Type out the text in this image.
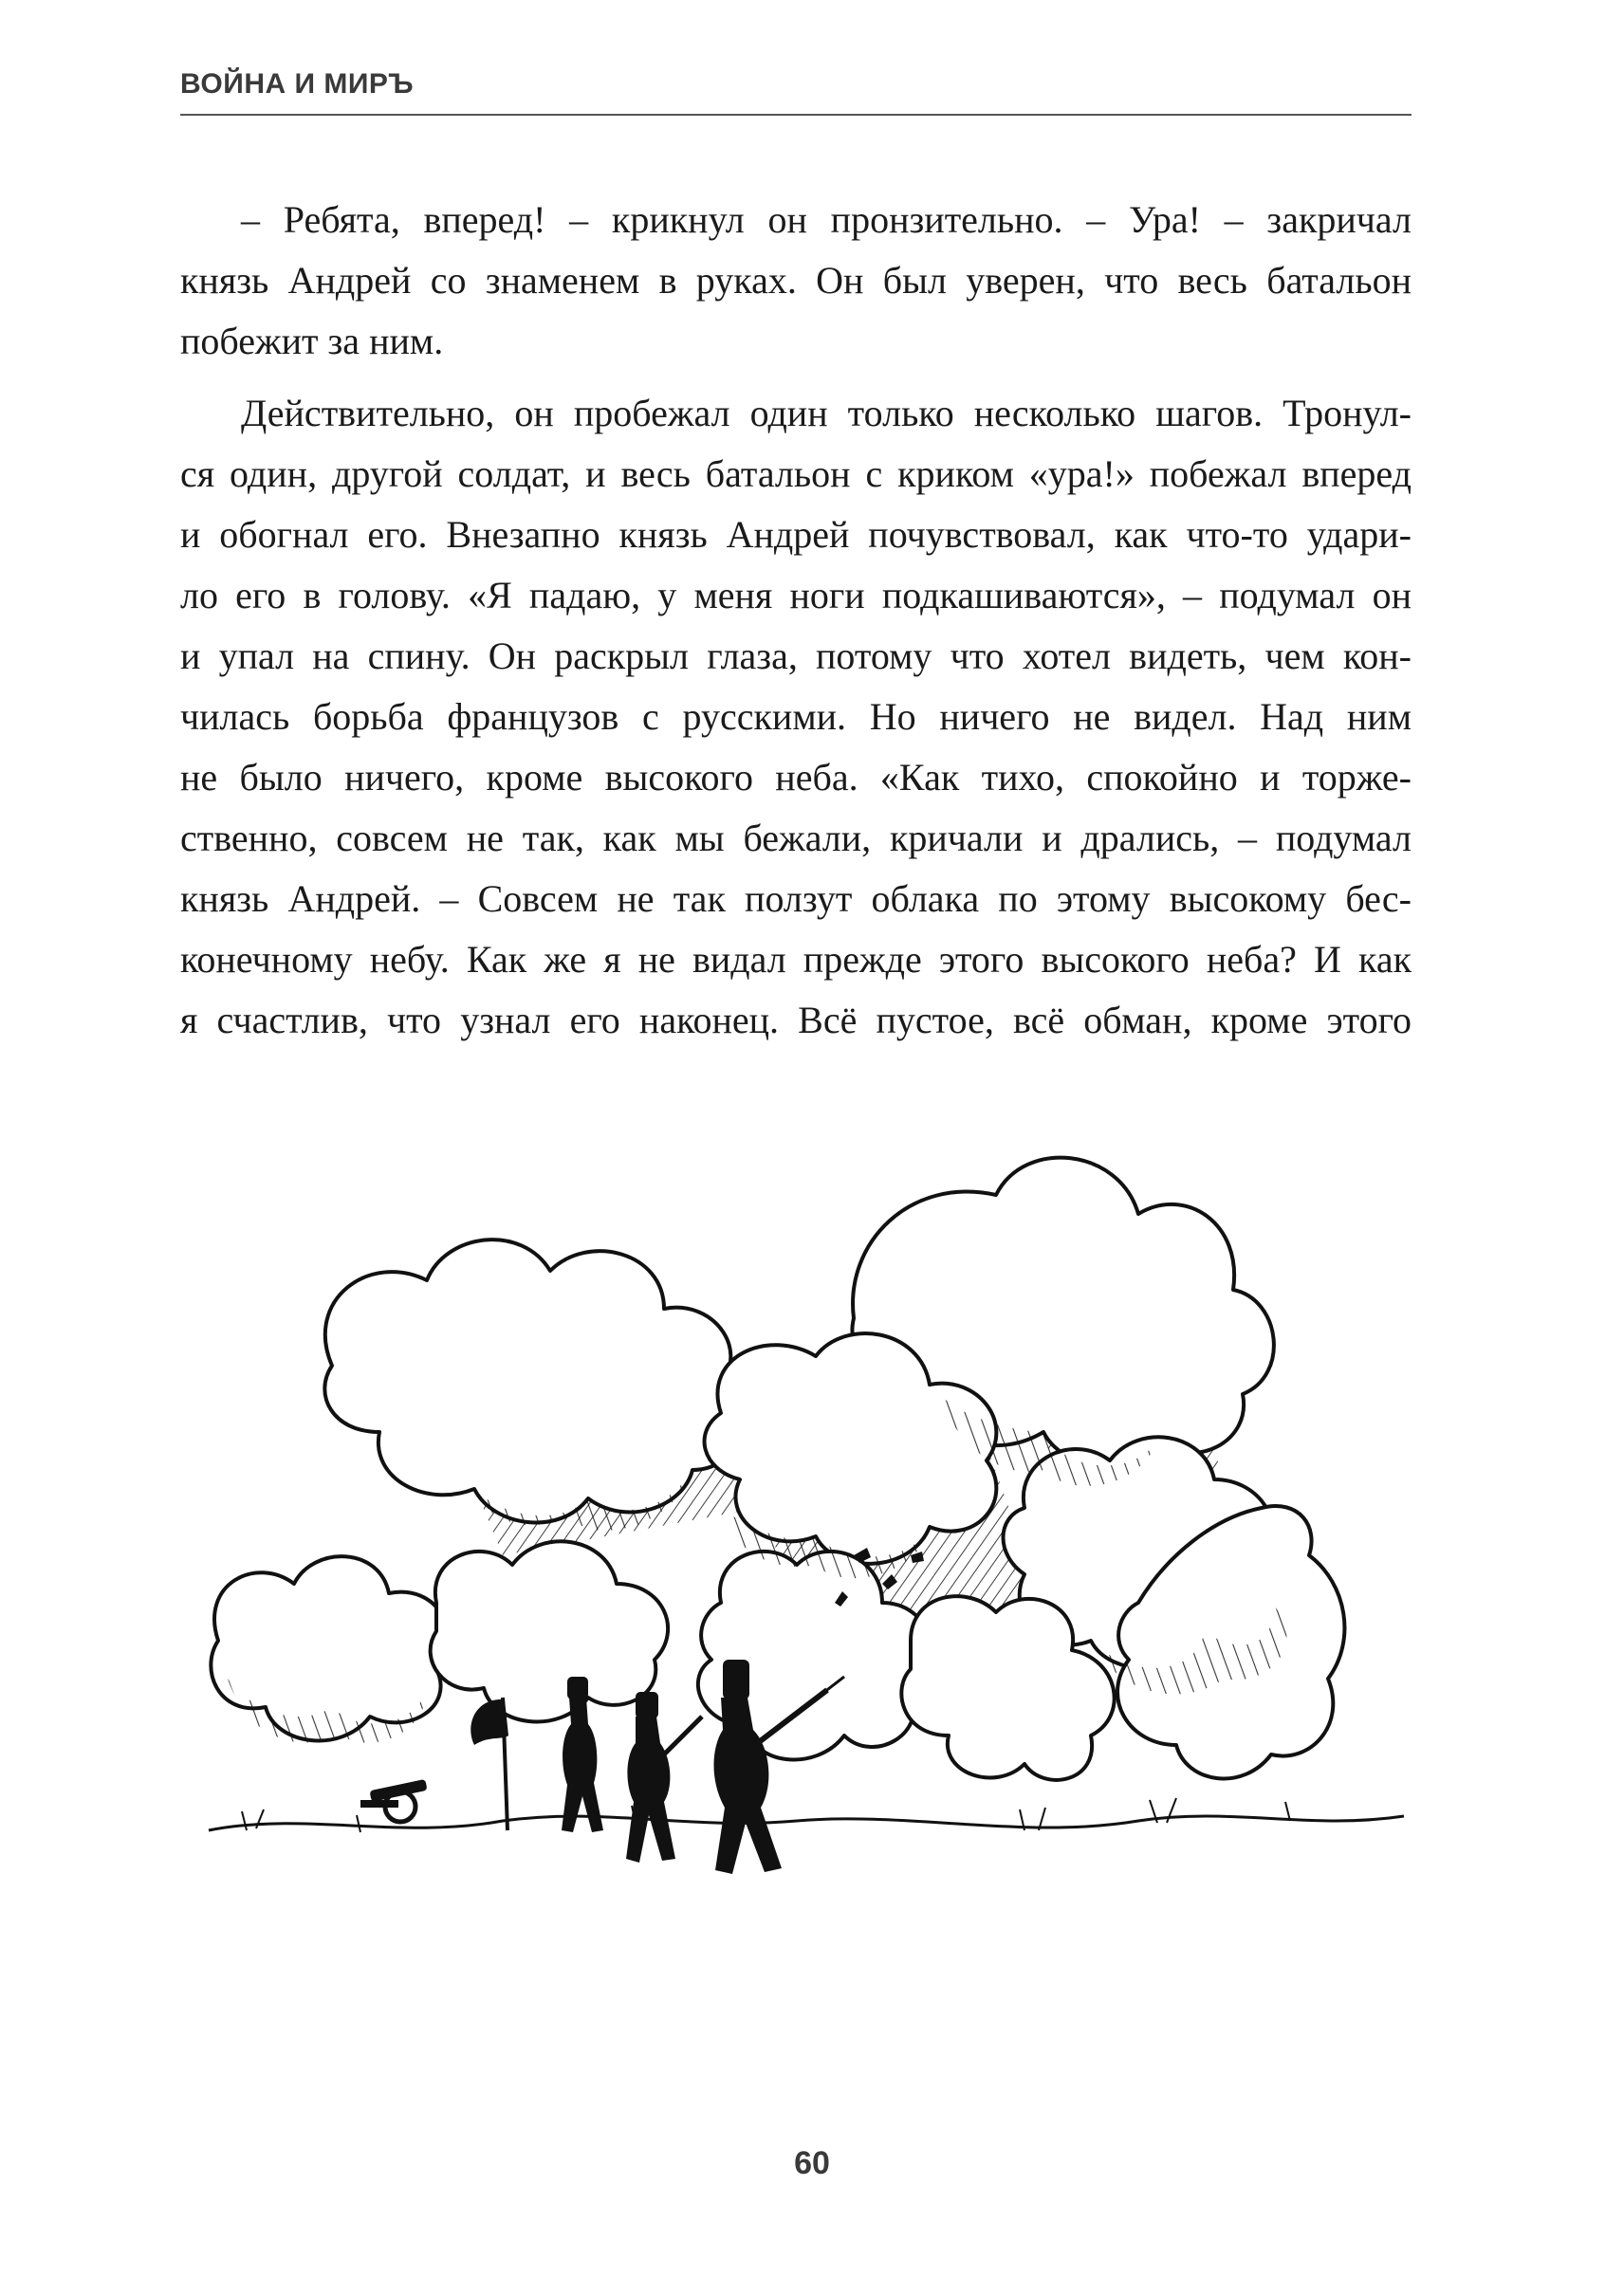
ВОЙНА И МИРЪ

– Ребята, вперед! – крикнул он пронзительно. – Ура! – закричал
князь Андрей со знаменем в руках. Он был уверен, что весь батальон
побежит за ним.

Действительно, он пробежал один только несколько шагов. Тронул-
ся один, другой солдат, и весь батальон с криком «ура!» побежал вперед
и обогнал его. Внезапно князь Андрей почувствовал, как что-то удари-
ло его в голову. «Я падаю, у меня ноги подкашиваются», – подумал он
и упал на спину. Он раскрыл глаза, потому что хотел видеть, чем кон-
чилась борьба французов с русскими. Но ничего не видел. Над ним
не было ничего, кроме высокого неба. «Как тихо, спокойно и торже-
ственно, совсем не так, как мы бежали, кричали и дрались, – подумал
князь Андрей. – Совсем не так ползут облака по этому высокому бес-
конечному небу. Как же я не видал прежде этого высокого неба? И как
я счастлив, что узнал его наконец. Всё пустое, всё обман, кроме этого

60
